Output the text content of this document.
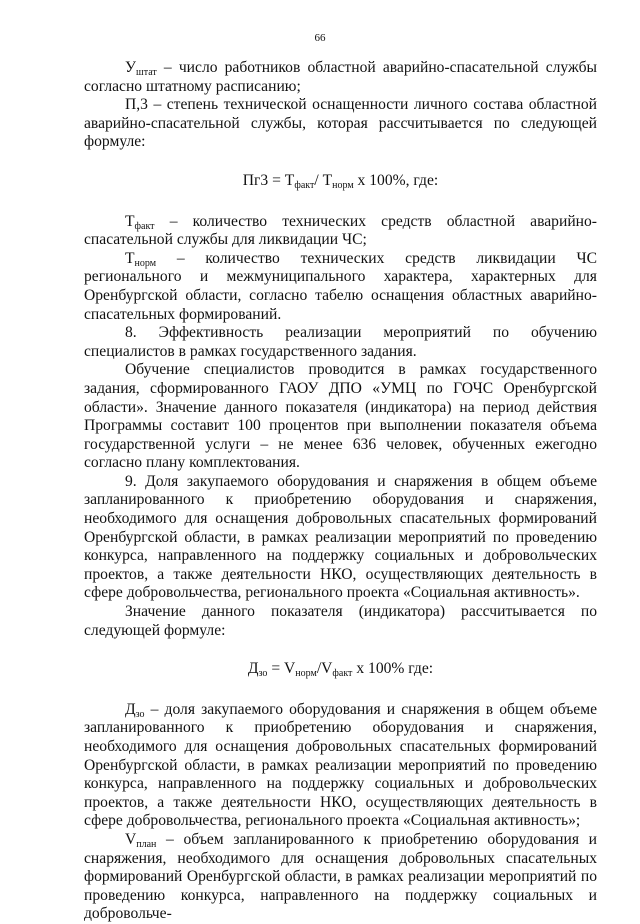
66

$У_{штат}$ – число работников областной аварийно-спасательной службы согласно штатному расписанию;

П,3 – степень технической оснащенности личного состава областной аварийно-спасательной службы, которая рассчитывается по следующей формуле:

$Пг3 = Т_{факт}/$ $Т_{норм}$ х 100%, где:

$Т_{факт}$ – количество технических средств областной аварийно-спасательной службы для ликвидации ЧС;

$Т_{норм}$ – количество технических средств ликвидации ЧС регионального и межмуниципального характера, характерных для Оренбургской области, согласно табелю оснащения областных аварийно-спасательных формирований.

8. Эффективность реализации мероприятий по обучению специалистов в рамках государственного задания.

Обучение специалистов проводится в рамках государственного задания, сформированного ГАОУ ДПО «УМЦ по ГОЧС Оренбургской области». Значение данного показателя (индикатора) на период действия Программы составит 100 процентов при выполнении показателя объема государственной услуги – не менее 636 человек, обученных ежегодно согласно плану комплектования.

9. Доля закупаемого оборудования и снаряжения в общем объеме запланированного к приобретению оборудования и снаряжения, необходимого для оснащения добровольных спасательных формирований Оренбургской области, в рамках реализации мероприятий по проведению конкурса, направленного на поддержку социальных и добровольческих проектов, а также деятельности НКО, осуществляющих деятельность в сфере добровольчества, регионального проекта «Социальная активность».

Значение данного показателя (индикатора) рассчитывается по следующей формуле:

$Д_{зо} = V_{норм}/V_{факт}$ х 100% где:

$Д_{зо}$ – доля закупаемого оборудования и снаряжения в общем объеме запланированного к приобретению оборудования и снаряжения, необходимого для оснащения добровольных спасательных формирований Оренбургской области, в рамках реализации мероприятий по проведению конкурса, направленного на поддержку социальных и добровольческих проектов, а также деятельности НКО, осуществляющих деятельность в сфере добровольчества, регионального проекта «Социальная активность»;

$V_{план}$ – объем запланированного к приобретению оборудования и снаряжения, необходимого для оснащения добровольных спасательных формирований Оренбургской области, в рамках реализации мероприятий по проведению конкурса, направленного на поддержку социальных и добровольче-
